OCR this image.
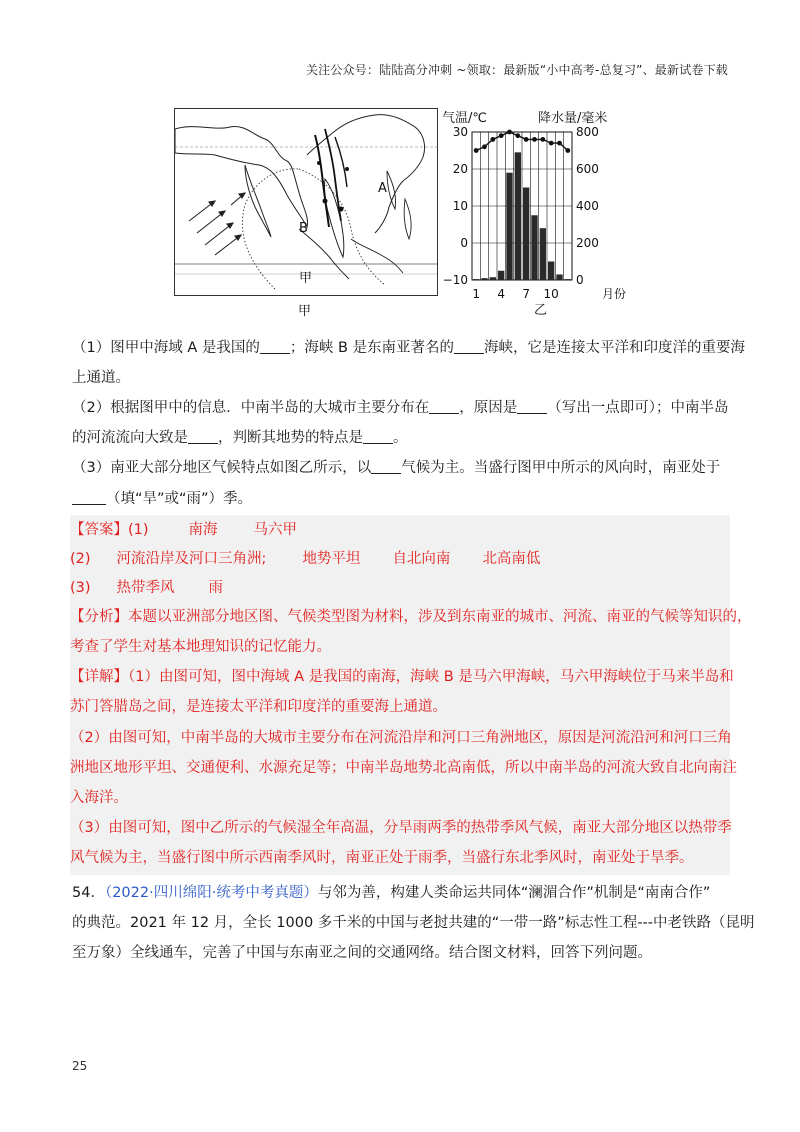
关注公众号：陆陆高分冲刺 ~领取：最新版“小中高考-总复习”、最新试卷下载
A
B
甲
甲
气温/℃	降水量/毫米
30
20
10
0
−10
800
600
400
200
0
1 4 7 10	月份
乙
（1）图甲中海域 A 是我国的 ；海峡 B 是东南亚著名的 海峡，它是连接太平洋和印度洋的重要海
上通道。
（2）根据图甲中的信息．中南半岛的大城市主要分布在 ，原因是 （写出一点即可）；中南半岛
的河流流向大致是 ，判断其地势的特点是 。
（3）南亚大部分地区气候特点如图乙所示，以 气候为主。当盛行图甲中所示的风向时，南亚处于
（填“旱”或“雨”）季。
【答案】(1)	南海 马六甲
(2) 河流沿岸及河口三角洲; 地势平坦 自北向南 北高南低
(3) 热带季风 雨
【分析】本题以亚洲部分地区图、气候类型图为材料，涉及到东南亚的城市、河流、南亚的气候等知识的，
考查了学生对基本地理知识的记忆能力。
【详解】（1）由图可知，图中海域 A 是我国的南海，海峡 B 是马六甲海峡，马六甲海峡位于马来半岛和
苏门答腊岛之间，是连接太平洋和印度洋的重要海上通道。
（2）由图可知，中南半岛的大城市主要分布在河流沿岸和河口三角洲地区，原因是河流沿河和河口三角
洲地区地形平坦、交通便利、水源充足等；中南半岛地势北高南低，所以中南半岛的河流大致自北向南注
入海洋。
（3）由图可知，图中乙所示的气候湿全年高温，分旱雨两季的热带季风气候，南亚大部分地区以热带季
风气候为主，当盛行图中所示西南季风时，南亚正处于雨季，当盛行东北季风时，南亚处于旱季。
54．（2022·四川绵阳·统考中考真题）与邻为善，构建人类命运共同体“澜湄合作”机制是“南南合作”
的典范。2021 年 12 月，全长 1000 多千米的中国与老挝共建的“一带一路”标志性工程---中老铁路（昆明
至万象）全线通车，完善了中国与东南亚之间的交通网络。结合图文材料，回答下列问题。
25
